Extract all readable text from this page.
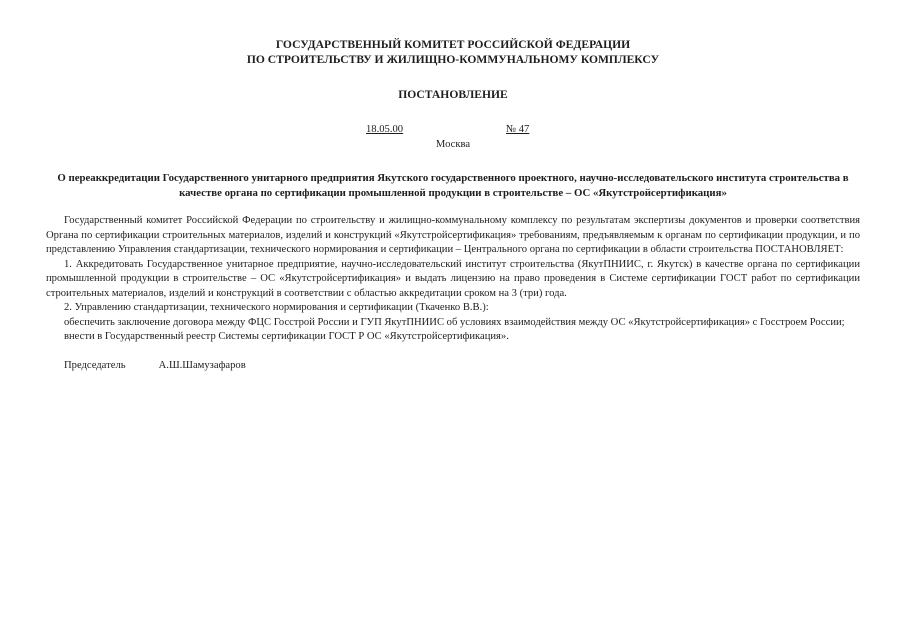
ГОСУДАРСТВЕННЫЙ КОМИТЕТ РОССИЙСКОЙ ФЕДЕРАЦИИ
ПО СТРОИТЕЛЬСТВУ И ЖИЛИЩНО-КОММУНАЛЬНОМУ КОМПЛЕКСУ
ПОСТАНОВЛЕНИЕ
18.05.00	№ 47
Москва
О переаккредитации Государственного унитарного предприятия Якутского государственного проектного, научно-исследовательского института строительства в качестве органа по сертификации промышленной продукции в строительстве – ОС «Якутстройсертификация»

Государственный комитет Российской Федерации по строительству и жилищно-коммунальному комплексу по результатам экспертизы документов и проверки соответствия Органа по сертификации строительных материалов, изделий и конструкций «Якутстройсертификация» требованиям, предъявляемым к органам по сертификации продукции, и по представлению Управления стандартизации, технического нормирования и сертификации – Центрального органа по сертификации в области строительства ПОСТАНОВЛЯЕТ:

1. Аккредитовать Государственное унитарное предприятие, научно-исследовательский институт строительства (ЯкутПНИИС, г. Якутск) в качестве органа по сертификации промышленной продукции в строительстве – ОС «Якутстройсертификация» и выдать лицензию на право проведения в Системе сертификации ГОСТ работ по сертификации строительных материалов, изделий и конструкций в соответствии с областью аккредитации сроком на 3 (три) года.

2. Управлению стандартизации, технического нормирования и сертификации (Ткаченко В.В.):

обеспечить заключение договора между ФЦС Госстрой России и ГУП ЯкутПНИИС об условиях взаимодействия между ОС «Якутстройсертификация» с Госстроем России;

внести в Государственный реестр Системы сертификации ГОСТ Р ОС «Якутстройсертификация».

Председатель	А.Ш.Шамузафаров
